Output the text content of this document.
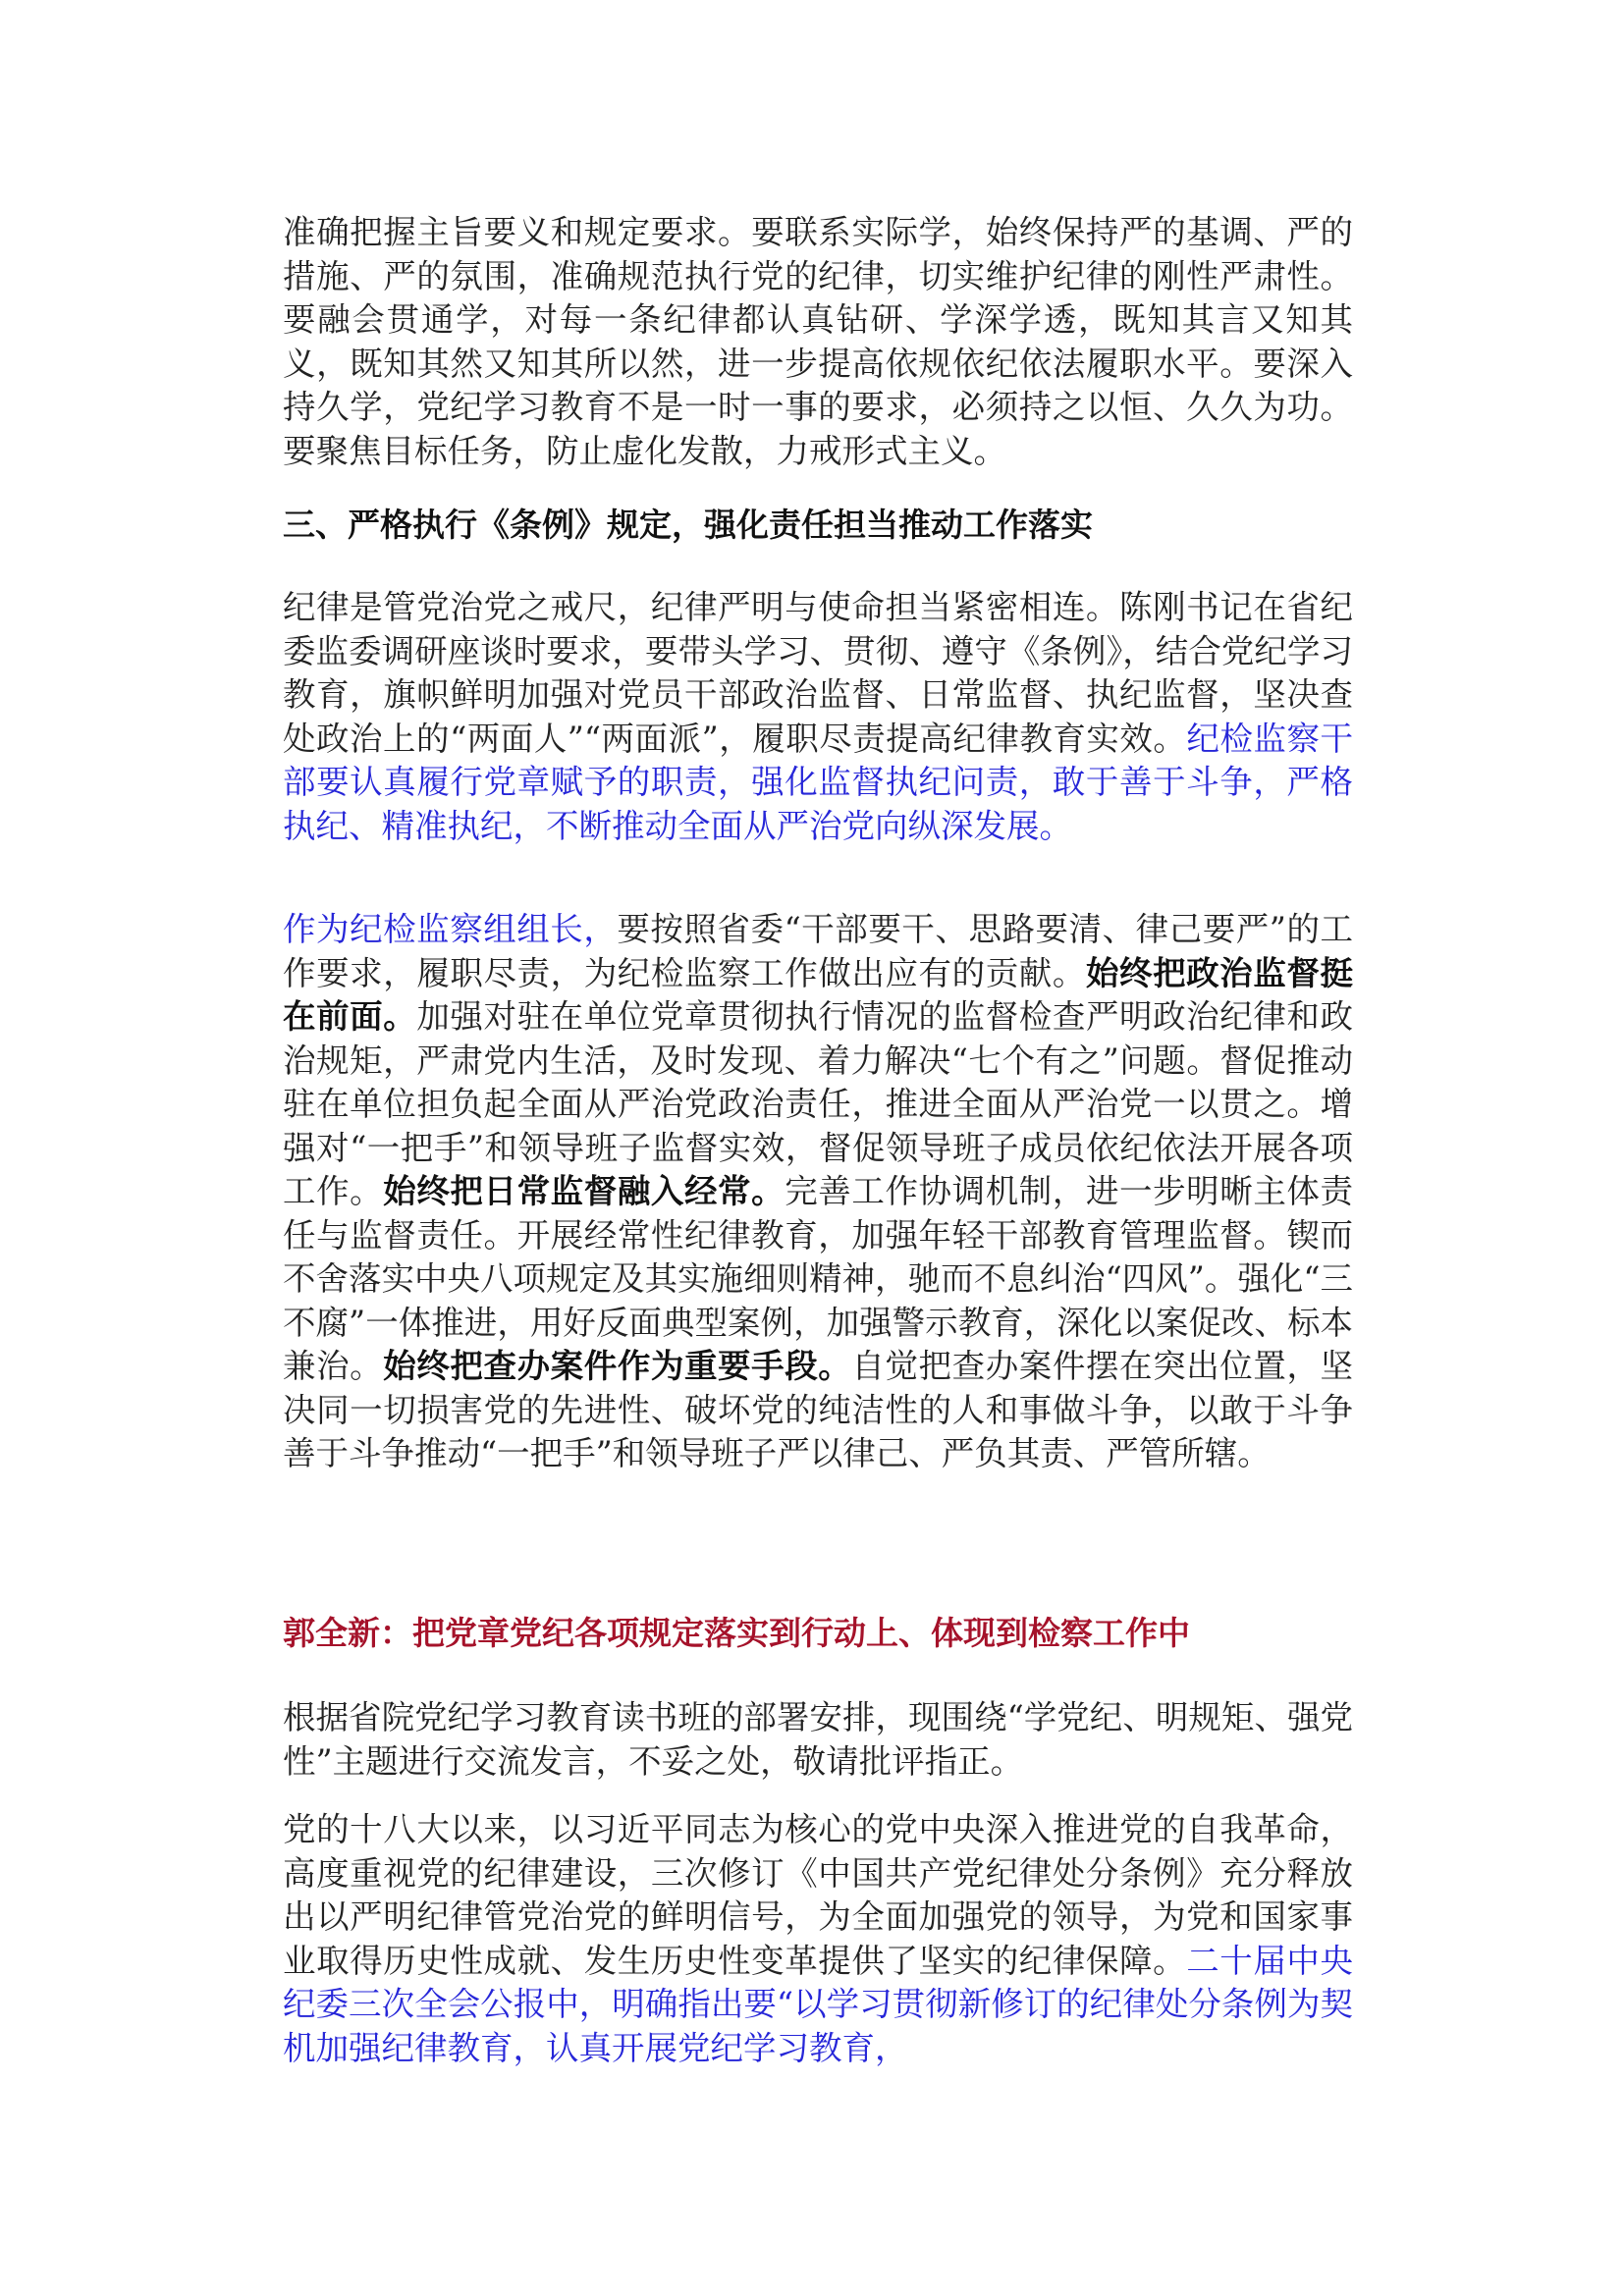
准确把握主旨要义和规定要求。要联系实际学，始终保持严的基调、严的措施、严的氛围，准确规范执行党的纪律，切实维护纪律的刚性严肃性。要融会贯通学，对每一条纪律都认真钻研、学深学透，既知其言又知其义，既知其然又知其所以然，进一步提高依规依纪依法履职水平。要深入持久学，党纪学习教育不是一时一事的要求，必须持之以恒、久久为功。要聚焦目标任务，防止虚化发散，力戒形式主义。

三、严格执行《条例》规定，强化责任担当推动工作落实

纪律是管党治党之戒尺，纪律严明与使命担当紧密相连。陈刚书记在省纪委监委调研座谈时要求，要带头学习、贯彻、遵守《条例》，结合党纪学习教育，旗帜鲜明加强对党员干部政治监督、日常监督、执纪监督，坚决查处政治上的“两面人”“两面派”，履职尽责提高纪律教育实效。纪检监察干部要认真履行党章赋予的职责，强化监督执纪问责，敢于善于斗争，严格执纪、精准执纪，不断推动全面从严治党向纵深发展。

作为纪检监察组组长，要按照省委“干部要干、思路要清、律己要严”的工作要求，履职尽责，为纪检监察工作做出应有的贡献。始终把政治监督挺在前面。加强对驻在单位党章贯彻执行情况的监督检查严明政治纪律和政治规矩，严肃党内生活，及时发现、着力解决“七个有之”问题。督促推动驻在单位担负起全面从严治党政治责任，推进全面从严治党一以贯之。增强对“一把手”和领导班子监督实效，督促领导班子成员依纪依法开展各项工作。始终把日常监督融入经常。完善工作协调机制，进一步明晰主体责任与监督责任。开展经常性纪律教育，加强年轻干部教育管理监督。锲而不舍落实中央八项规定及其实施细则精神，驰而不息纠治“四风”。强化“三不腐”一体推进，用好反面典型案例，加强警示教育，深化以案促改、标本兼治。始终把查办案件作为重要手段。自觉把查办案件摆在突出位置，坚决同一切损害党的先进性、破坏党的纯洁性的人和事做斗争，以敢于斗争善于斗争推动“一把手”和领导班子严以律己、严负其责、严管所辖。

郭全新：把党章党纪各项规定落实到行动上、体现到检察工作中

根据省院党纪学习教育读书班的部署安排，现围绕“学党纪、明规矩、强党性”主题进行交流发言，不妥之处，敬请批评指正。

党的十八大以来，以习近平同志为核心的党中央深入推进党的自我革命，高度重视党的纪律建设，三次修订《中国共产党纪律处分条例》充分释放出以严明纪律管党治党的鲜明信号，为全面加强党的领导，为党和国家事业取得历史性成就、发生历史性变革提供了坚实的纪律保障。二十届中央纪委三次全会公报中，明确指出要“以学习贯彻新修订的纪律处分条例为契机加强纪律教育，认真开展党纪学习教育，
